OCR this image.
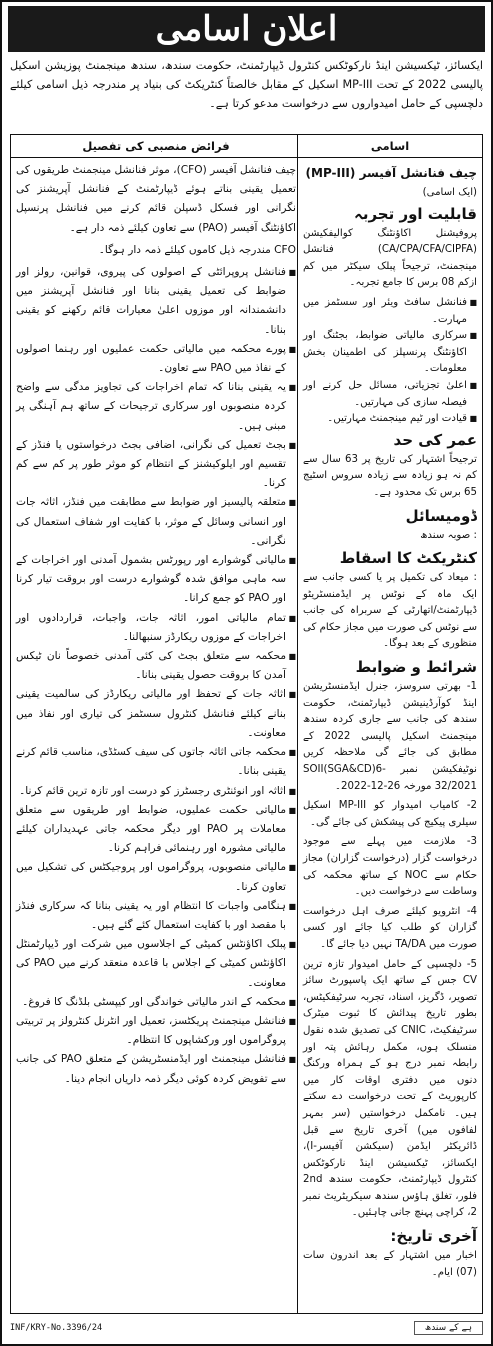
اعلان اسامی
ایکسائز، ٹیکسیشن اینڈ نارکوٹکس کنٹرول ڈیپارٹمنٹ، حکومت سندھ، سندھ مینجمنٹ پوزیشن اسکیل پالیسی 2022 کے تحت MP-III اسکیل کے مقابل خالصتاً کنٹریکٹ کی بنیاد پر مندرجہ ذیل اسامی کیلئے دلچسپی کے حامل امیدواروں سے درخواست مدعو کرتا ہے۔
اسامی
چیف فنانشل آفیسر (MP-III)
(ایک اسامی)
قابلیت اور تجربہ

پروفیشنل اکاؤنٹنگ کوالیفکیشن (CA/CPA/CFA/CIPFA) فنانشل مینجمنٹ، ترجیحاً پبلک سیکٹر میں کم ازکم 08 برس کا جامع تجربہ۔

■ فنانشل سافٹ ویئر اور سسٹمز میں مہارت۔
■ سرکاری مالیاتی ضوابط، بجٹنگ اور اکاؤنٹنگ پرنسپلز کی اطمینان بخش معلومات۔
■ اعلیٰ تجزیاتی، مسائل حل کرنے اور فیصلہ سازی کی مہارتیں۔
■ قیادت اور ٹیم مینجمنٹ مہارتیں۔
عمر کی حد

ترجیحاً اشتہار کی تاریخ پر 63 سال سے کم نہ ہو زیادہ سے زیادہ سروس اسٹیج 65 برس تک محدود ہے۔

ڈومیسائل

: صوبہ سندھ

کنٹریکٹ کا اسقاط

: میعاد کی تکمیل پر یا کسی جانب سے ایک ماہ کے نوٹس پر ایڈمنسٹریٹو ڈیپارٹمنٹ/اتھارٹی کے سربراہ کی جانب سے نوٹس کی صورت میں مجاز حکام کی منظوری کے بعد ہوگا۔

شرائط و ضوابط

1- بھرتی سروسز، جنرل ایڈمنسٹریشن اینڈ کوآرڈینیشن ڈیپارٹمنٹ، حکومت سندھ کی جانب سے جاری کردہ سندھ مینجمنٹ اسکیل پالیسی 2022 کے مطابق کی جائے گی ملاحظہ کریں نوٹیفکیشن نمبر SOII(SGA&CD)6-32/2021 مورخہ 26-12-2022۔

2- کامیاب امیدوار کو MP-III اسکیل سیلری پیکیج کی پیشکش کی جائے گی۔

3- ملازمت میں پہلے سے موجود درخواست گزار (درخواست گزاران) مجاز حکام سے NOC کے ساتھ محکمہ کی وساطت سے درخواست دیں۔

4- انٹرویو کیلئے صرف اہل درخواست گزاران کو طلب کیا جائے اور کسی صورت میں TA/DA نہیں دیا جائے گا۔

5- دلچسپی کے حامل امیدوار تازہ ترین CV جس کے ساتھ ایک پاسپورٹ سائز تصویر، ڈگریز، اسناد، تجربہ سرٹیفکیٹس، بطور تاریخ پیدائش کا ثبوت میٹرک سرٹیفکیٹ، CNIC کی تصدیق شدہ نقول منسلک ہوں، مکمل رہائش پتہ اور رابطہ نمبر درج ہو کے ہمراہ ورکنگ دنوں میں دفتری اوقات کار میں کارپوریٹ کے تحت درخواست دے سکتے ہیں۔ نامکمل درخواستیں (سر بمہر لفافوں میں) آخری تاریخ سے قبل ڈائریکٹر ایڈمن (سیکشن آفیسر-I)، ایکسائز، ٹیکسیشن اینڈ نارکوٹکس کنٹرول ڈیپارٹمنٹ، حکومت سندھ 2nd فلور، تغلق ہاؤس سندھ سیکریٹریٹ نمبر 2، کراچی پہنچ جانی چاہئیں۔

آخری تاریخ:

اخبار میں اشتہار کے بعد اندرون سات (07) ایام۔

فرائض منصبی کی تفصیل

چیف فنانشل آفیسر (CFO)، موثر فنانشل مینجمنٹ طریقوں کی تعمیل یقینی بناتے ہوئے ڈیپارٹمنٹ کے فنانشل آپریشنز کی نگرانی اور فسکل ڈسپلن قائم کرنے میں فنانشل پرنسپل اکاؤنٹنگ آفیسر (PAO) سے تعاون کیلئے ذمہ دار ہے۔

CFO مندرجہ ذیل کاموں کیلئے ذمہ دار ہوگا۔

■ فنانشل پروپرائٹی کے اصولوں کی پیروی، قوانین، رولز اور ضوابط کی تعمیل یقینی بنانا اور فنانشل آپریشنز میں دانشمندانہ اور موزوں اعلیٰ معیارات قائم رکھنے کو یقینی بنانا۔
■ پورے محکمہ میں مالیاتی حکمت عملیوں اور رہنما اصولوں کے نفاذ میں PAO سے تعاون۔
■ یہ یقینی بنانا کہ تمام اخراجات کی تجاویز مدگی سے واضح کردہ منصوبوں اور سرکاری ترجیحات کے ساتھ ہم آہنگی پر مبنی ہیں۔
■ بجٹ تعمیل کی نگرانی، اضافی بجٹ درخواستوں یا فنڈز کے تقسیم اور ایلوکیشنز کے انتظام کو موثر طور پر کم سے کم کرنا۔
■ متعلقہ پالیسیز اور ضوابط سے مطابقت میں فنڈز، اثاثہ جات اور انسانی وسائل کے موثر، با کفایت اور شفاف استعمال کی نگرانی۔
■ مالیاتی گوشوارے اور رپورٹس بشمول آمدنی اور اخراجات کے سہ ماہی موافق شدہ گوشوارے درست اور بروقت تیار کرنا اور PAO کو جمع کرانا۔
■ تمام مالیاتی امور، اثاثہ جات، واجبات، قراردادوں اور اخراجات کے موزوں ریکارڈز سنبھالنا۔
■ محکمہ سے متعلق بجٹ کی کئی آمدنی خصوصاً نان ٹیکس آمدن کا بروقت حصول یقینی بنانا۔
■ اثاثہ جات کے تحفظ اور مالیاتی ریکارڈز کی سالمیت یقینی بنانے کیلئے فنانشل کنٹرول سسٹمز کی تیاری اور نفاذ میں معاونت۔
■ محکمہ جاتی اثاثہ جاتوں کی سیف کسٹڈی، مناسب قائم کرنے یقینی بنانا۔
■ اثاثہ اور انوئنٹری رجسٹرز کو درست اور تازہ ترین قائم کرنا۔
■ مالیاتی حکمت عملیوں، ضوابط اور طریقوں سے متعلق معاملات پر PAO اور دیگر محکمہ جاتی عہدیداران کیلئے مالیاتی مشورہ اور رہنمائی فراہم کرنا۔
■ مالیاتی منصوبوں، پروگراموں اور پروجیکٹس کی تشکیل میں تعاون کرنا۔
■ ہنگامی واجبات کا انتظام اور یہ یقینی بنانا کہ سرکاری فنڈز با مقصد اور با کفایت استعمال کئے گئے ہیں۔
■ پبلک اکاؤنٹس کمیٹی کے اجلاسوں میں شرکت اور ڈیپارٹمنٹل اکاؤنٹس کمیٹی کے اجلاس با قاعدہ منعقد کرنے میں PAO کی معاونت۔
■ محکمہ کے اندر مالیاتی خواندگی اور کیپسٹی بلڈنگ کا فروغ۔
■ فنانشل مینجمنٹ پریکٹسز، تعمیل اور انٹرنل کنٹرولز پر تربیتی پروگراموں اور ورکشاپوں کا انتظام۔
■ فنانشل مینجمنٹ اور ایڈمنسٹریشن کے متعلق PAO کی جانب سے تفویض کردہ کوئی دیگر ذمہ داریاں انجام دینا۔
INF/KRY-No.3396/24	ہے کے سندھ
